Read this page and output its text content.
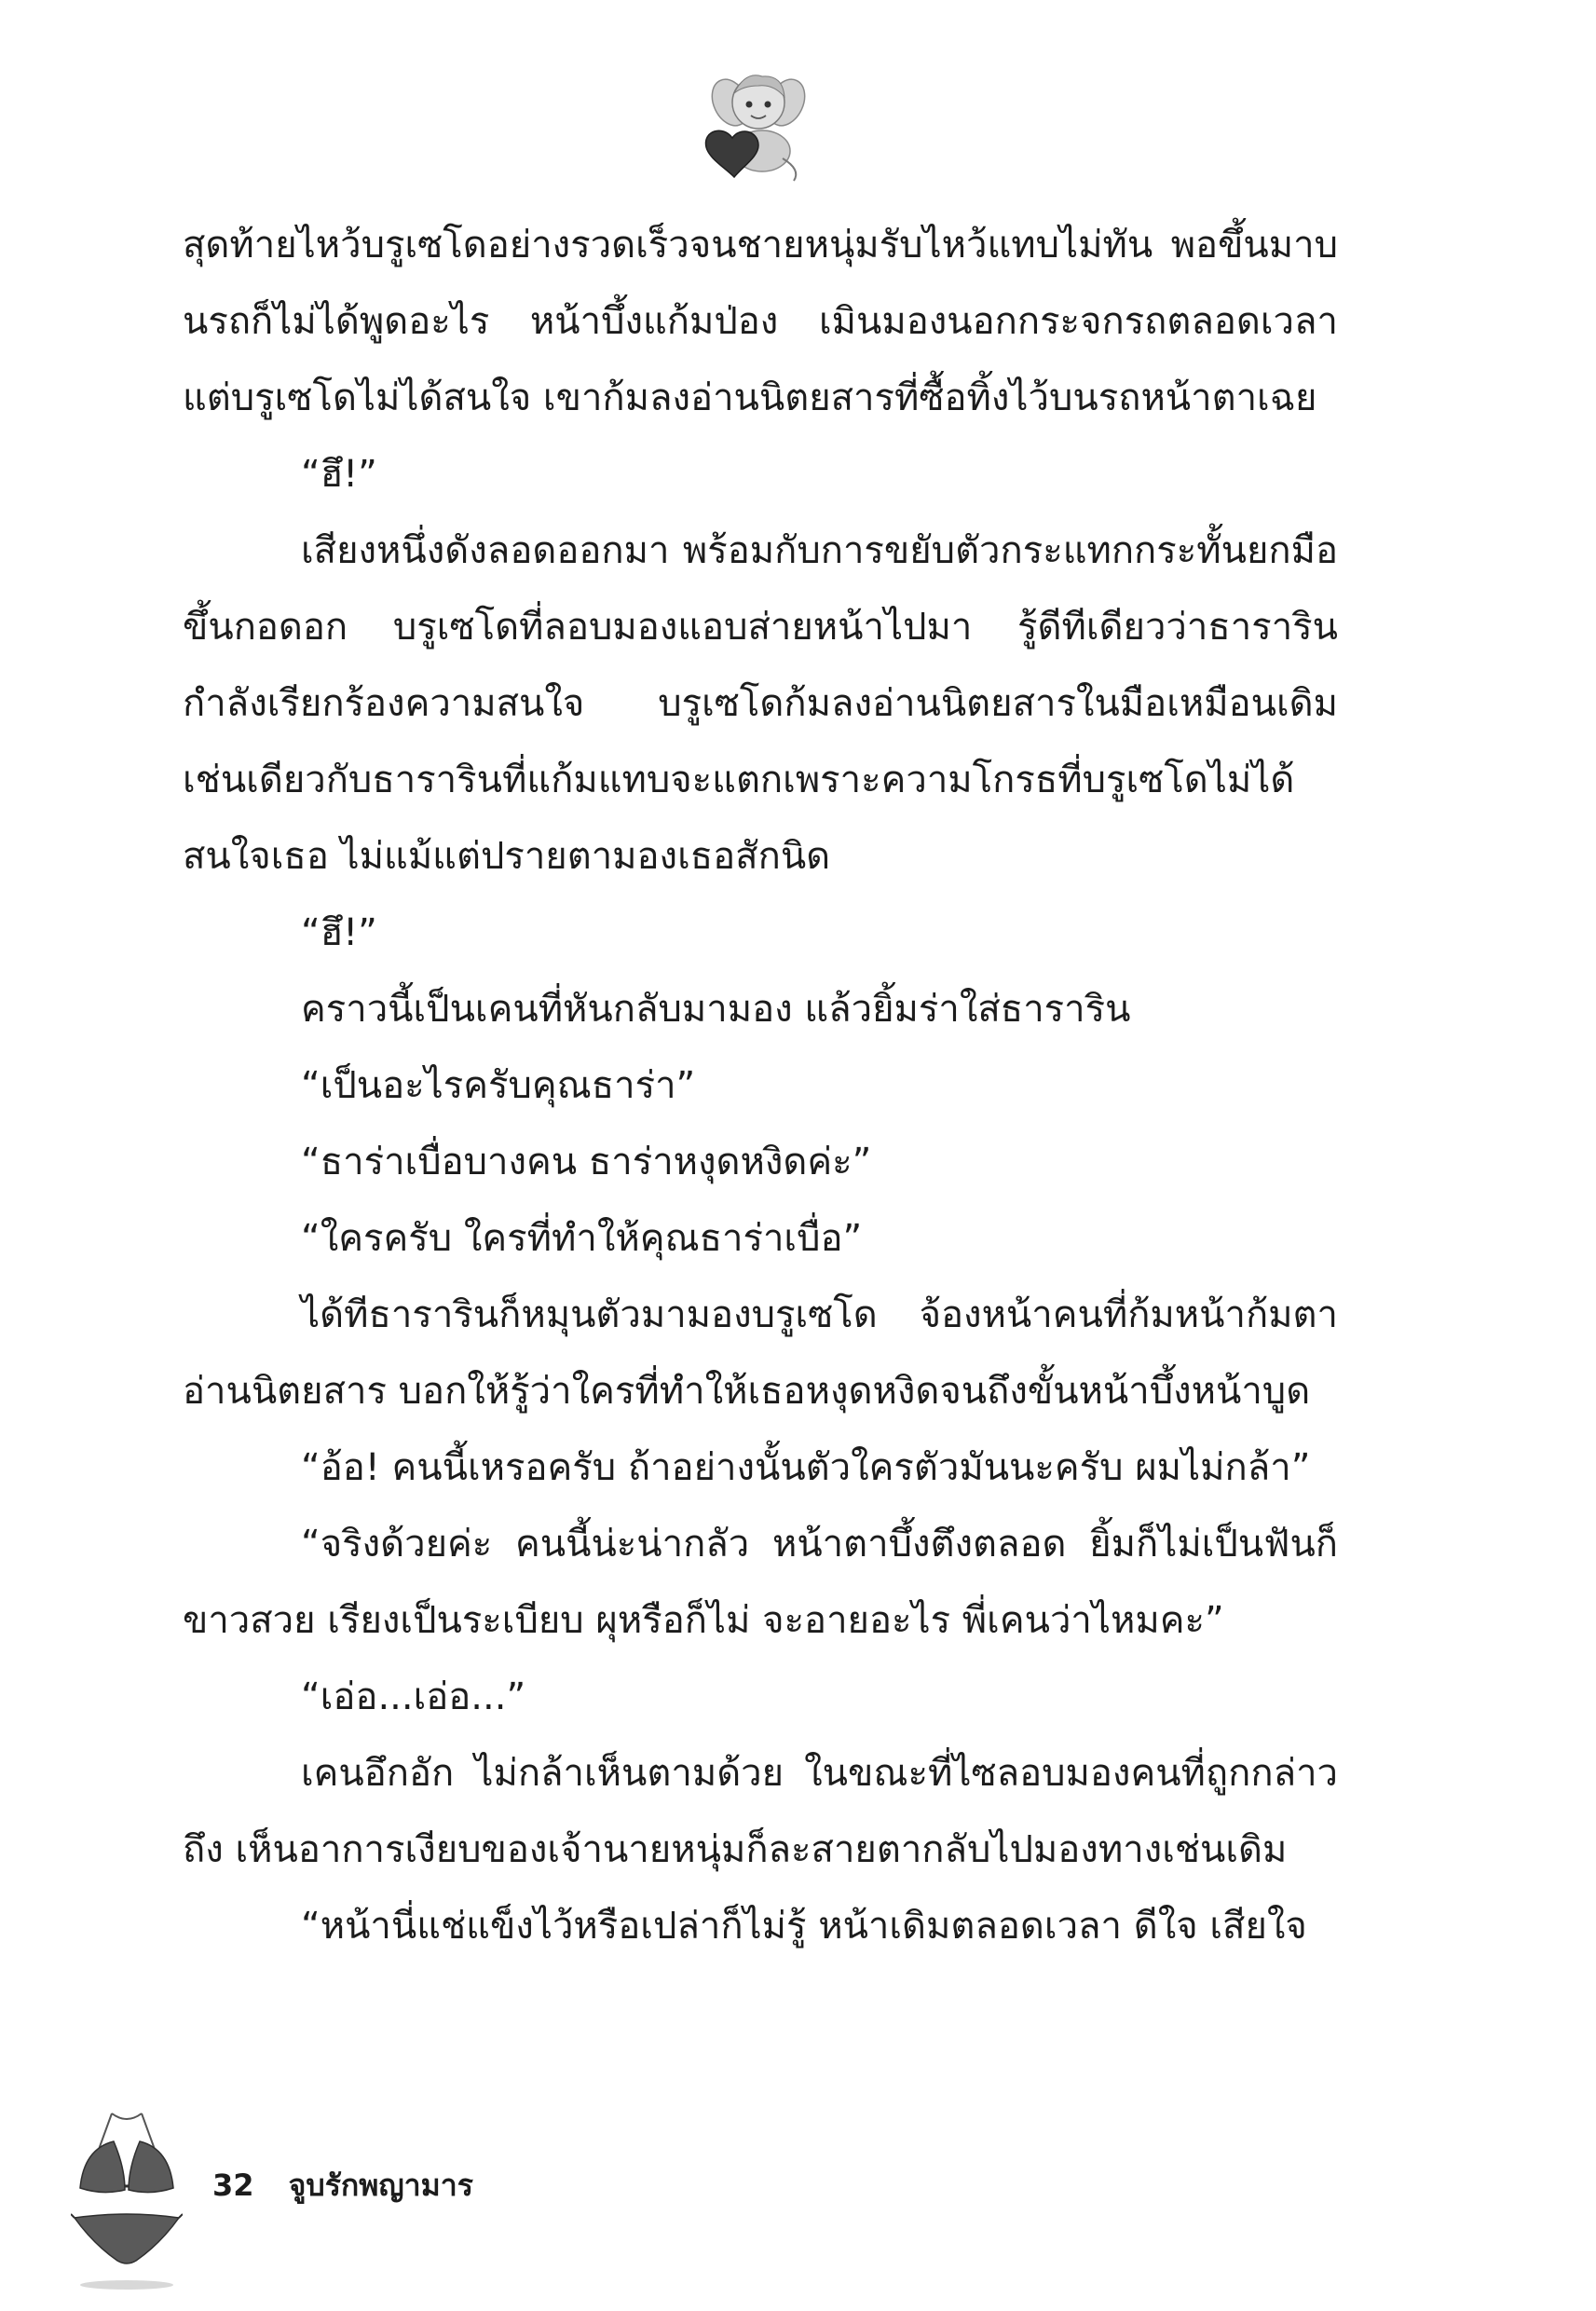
สุดท้ายไหว้บรูเซโดอย่างรวดเร็วจนชายหนุ่มรับไหว้แทบไม่ทัน พอขึ้นมาบนรถก็ไม่ได้พูดอะไร หน้าบึ้งแก้มป่อง เมินมองนอกกระจกรถตลอดเวลา แต่บรูเซโดไม่ได้สนใจ เขาก้มลงอ่านนิตยสารที่ซื้อทิ้งไว้บนรถหน้าตาเฉย

“ฮึ!”

เสียงหนึ่งดังลอดออกมา พร้อมกับการขยับตัวกระแทกกระทั้นยกมือขึ้นกอดอก บรูเซโดที่ลอบมองแอบส่ายหน้าไปมา รู้ดีทีเดียวว่าธารารินกำลังเรียกร้องความสนใจ บรูเซโดก้มลงอ่านนิตยสารในมือเหมือนเดิม เช่นเดียวกับธารารินที่แก้มแทบจะแตกเพราะความโกรธที่บรูเซโดไม่ได้สนใจเธอ ไม่แม้แต่ปรายตามองเธอสักนิด

“ฮึ!”

คราวนี้เป็นเคนที่หันกลับมามอง แล้วยิ้มร่าใส่ธาราริน

“เป็นอะไรครับคุณธาร่า”

“ธาร่าเบื่อบางคน ธาร่าหงุดหงิดค่ะ”

“ใครครับ ใครที่ทำให้คุณธาร่าเบื่อ”

ได้ทีธารารินก็หมุนตัวมามองบรูเซโด จ้องหน้าคนที่ก้มหน้าก้มตาอ่านนิตยสาร บอกให้รู้ว่าใครที่ทำให้เธอหงุดหงิดจนถึงขั้นหน้าบึ้งหน้าบูด

“อ้อ! คนนี้เหรอครับ ถ้าอย่างนั้นตัวใครตัวมันนะครับ ผมไม่กล้า”

“จริงด้วยค่ะ คนนี้น่ะน่ากลัว หน้าตาบึ้งตึงตลอด ยิ้มก็ไม่เป็นฟันก็ขาวสวย เรียงเป็นระเบียบ ผุหรือก็ไม่ จะอายอะไร พี่เคนว่าไหมคะ”

“เอ่อ...เอ่อ...”

เคนอึกอัก ไม่กล้าเห็นตามด้วย ในขณะที่ไซลอบมองคนที่ถูกกล่าวถึง เห็นอาการเงียบของเจ้านายหนุ่มก็ละสายตากลับไปมองทางเช่นเดิม

“หน้านี่แช่แข็งไว้หรือเปล่าก็ไม่รู้ หน้าเดิมตลอดเวลา ดีใจ เสียใจ

32 จูบรักพญามาร
